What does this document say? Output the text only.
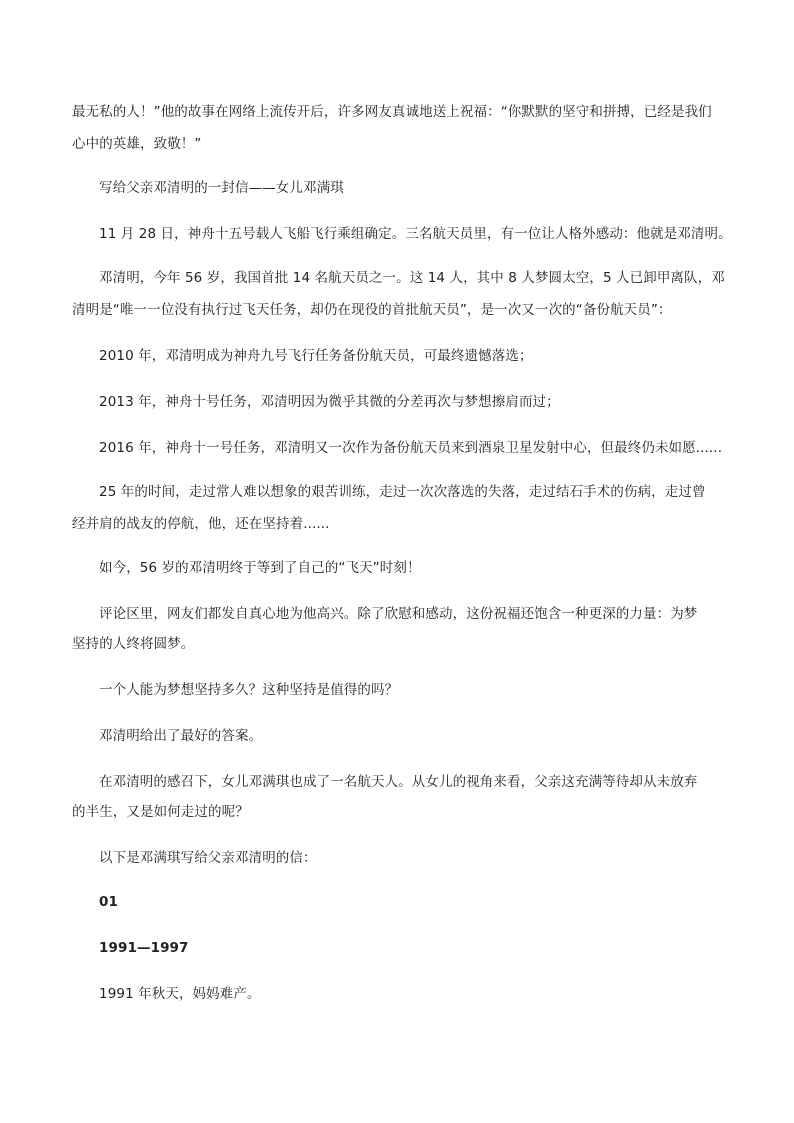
最无私的人！”他的故事在网络上流传开后，许多网友真诚地送上祝福：“你默默的坚守和拼搏，已经是我们
心中的英雄，致敬！”

写给父亲邓清明的一封信——女儿邓满琪

11 月 28 日，神舟十五号载人飞船飞行乘组确定。三名航天员里，有一位让人格外感动：他就是邓清明。

邓清明，今年 56 岁，我国首批 14 名航天员之一。这 14 人，其中 8 人梦圆太空，5 人已卸甲离队，邓

清明是“唯一一位没有执行过飞天任务，却仍在现役的首批航天员”，是一次又一次的“备份航天员”：

2010 年，邓清明成为神舟九号飞行任务备份航天员，可最终遗憾落选；

2013 年，神舟十号任务，邓清明因为微乎其微的分差再次与梦想擦肩而过；

2016 年，神舟十一号任务，邓清明又一次作为备份航天员来到酒泉卫星发射中心，但最终仍未如愿......

25 年的时间，走过常人难以想象的艰苦训练，走过一次次落选的失落，走过结石手术的伤病，走过曾

经并肩的战友的停航，他，还在坚持着......

如今，56 岁的邓清明终于等到了自己的“飞天”时刻！

评论区里，网友们都发自真心地为他高兴。除了欣慰和感动，这份祝福还饱含一种更深的力量：为梦

坚持的人终将圆梦。

一个人能为梦想坚持多久？这种坚持是值得的吗？

邓清明给出了最好的答案。

在邓清明的感召下，女儿邓满琪也成了一名航天人。从女儿的视角来看，父亲这充满等待却从未放弃

的半生，又是如何走过的呢？

以下是邓满琪写给父亲邓清明的信：

01

1991—1997

1991 年秋天，妈妈难产。
